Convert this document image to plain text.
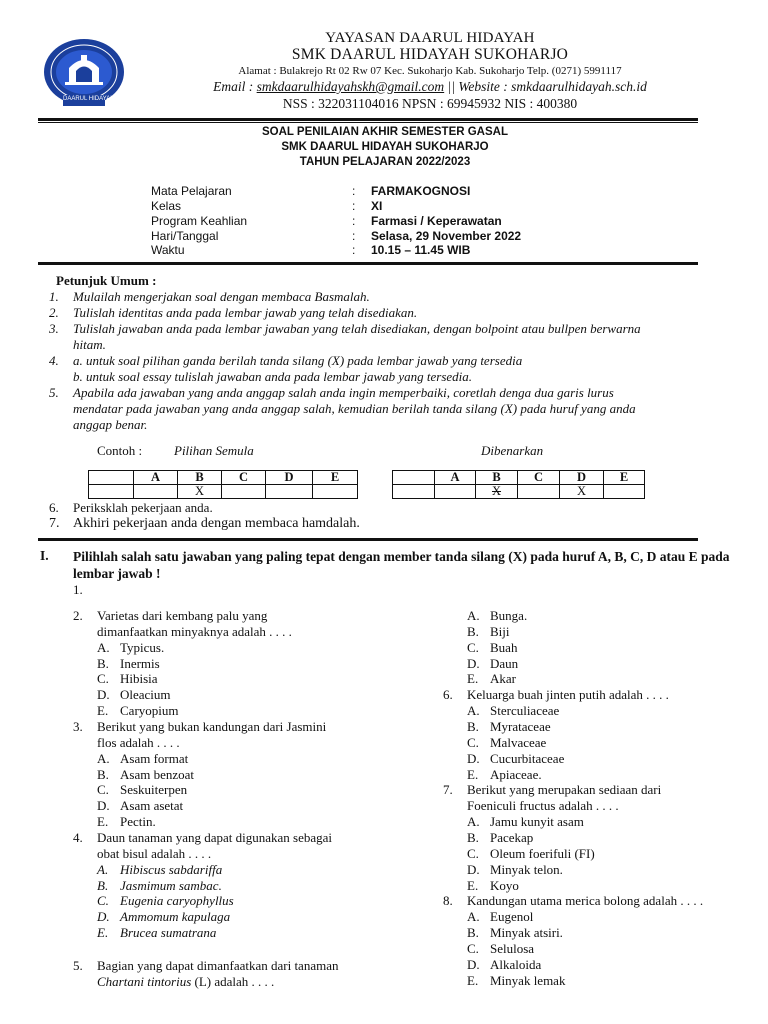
DAARUL HIDAYAH
YAYASAN DAARUL HIDAYAH
SMK DAARUL HIDAYAH SUKOHARJO
Alamat : Bulakrejo Rt 02 Rw 07 Kec. Sukoharjo Kab. Sukoharjo Telp. (0271) 5991117
Email : smkdaarulhidayahskh@gmail.com || Website : smkdaarulhidayah.sch.id
NSS : 322031104016 NPSN : 69945932 NIS : 400380
SOAL PENILAIAN AKHIR SEMESTER GASAL
SMK DAARUL HIDAYAH SUKOHARJO
TAHUN PELAJARAN 2022/2023
Mata Pelajaran	: FARMAKOGNOSI
Kelas	: XI
Program Keahlian	: Farmasi / Keperawatan
Hari/Tanggal	: Selasa, 29 November 2022
Waktu	: 10.15 – 11.45 WIB
Petunjuk Umum :
1. Mulailah mengerjakan soal dengan membaca Basmalah.
2. Tulislah identitas anda pada lembar jawab yang telah disediakan.
3. Tulislah jawaban anda pada lembar jawaban yang telah disediakan, dengan bolpoint atau bullpen berwarna
hitam.
4. a. untuk soal pilihan ganda berilah tanda silang (X) pada lembar jawab yang tersedia
b. untuk soal essay tulislah jawaban anda pada lembar jawab yang tersedia.
5. Apabila ada jawaban yang anda anggap salah anda ingin memperbaiki, coretlah denga dua garis lurus
mendatar pada jawaban yang anda anggap salah, kemudian berilah tanda silang (X) pada huruf yang anda
anggap benar.
Contoh : Pilihan Semula	Dibenarkan
	A	B	C	D	E
		X			
	A	B	C	D	E
		X		X	
6. Periksklah pekerjaan anda.
7. Akhiri pekerjaan anda dengan membaca hamdalah.
I. Pilihlah salah satu jawaban yang paling tepat dengan member tanda silang (X) pada huruf A, B, C, D atau E pada lembar jawab !
1.
2. Varietas dari kembang palu yang
dimanfaatkan minyaknya adalah . . . .
A. Typicus.
B. Inermis
C. Hibisia
D. Oleacium
E. Caryopium
3. Berikut yang bukan kandungan dari Jasmini
flos adalah . . . .
A. Asam format
B. Asam benzoat
C. Seskuiterpen
D. Asam asetat
E. Pectin.
4. Daun tanaman yang dapat digunakan sebagai
obat bisul adalah . . . .
A. Hibiscus sabdariffa
B. Jasmimum sambac.
C. Eugenia caryophyllus
D. Ammomum kapulaga
E. Brucea sumatrana
5. Bagian yang dapat dimanfaatkan dari tanaman
Chartani tintorius (L) adalah . . . .
A. Bunga.
B. Biji
C. Buah
D. Daun
E. Akar
6. Keluarga buah jinten putih adalah . . . .
A. Sterculiaceae
B. Myrataceae
C. Malvaceae
D. Cucurbitaceae
E. Apiaceae.
7. Berikut yang merupakan sediaan dari
Foeniculi fructus adalah . . . .
A. Jamu kunyit asam
B. Pacekap
C. Oleum foerifuli (FI)
D. Minyak telon.
E. Koyo
8. Kandungan utama merica bolong adalah . . . .
A. Eugenol
B. Minyak atsiri.
C. Selulosa
D. Alkaloida
E. Minyak lemak
